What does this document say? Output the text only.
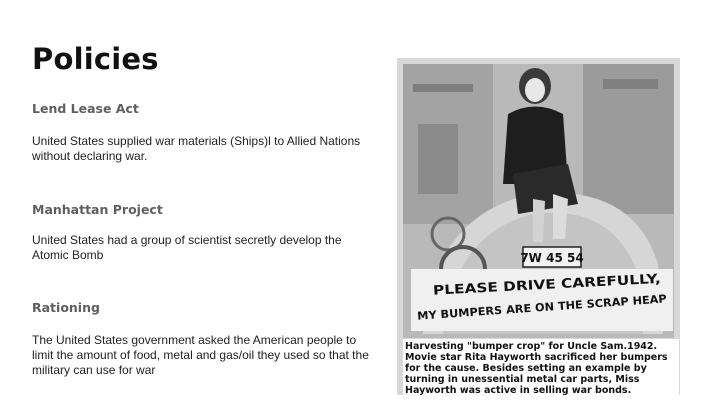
Policies
Lend Lease Act
United States supplied war materials (Ships)l to Allied Nations without declaring war.
Manhattan Project
United States had a group of scientist secretly develop the Atomic Bomb
Rationing
The United States government asked the American people to limit the amount of food, metal and gas/oil they used so that the military can use for war
7W 45 54
PLEASE DRIVE CAREFULLY,
MY BUMPERS ARE ON THE SCRAP HEAP
Harvesting "bumper crop" for Uncle Sam.1942. Movie star Rita Hayworth sacrificed her bumpers for the cause. Besides setting an example by turning in unessential metal car parts, Miss Hayworth was active in selling war bonds.
